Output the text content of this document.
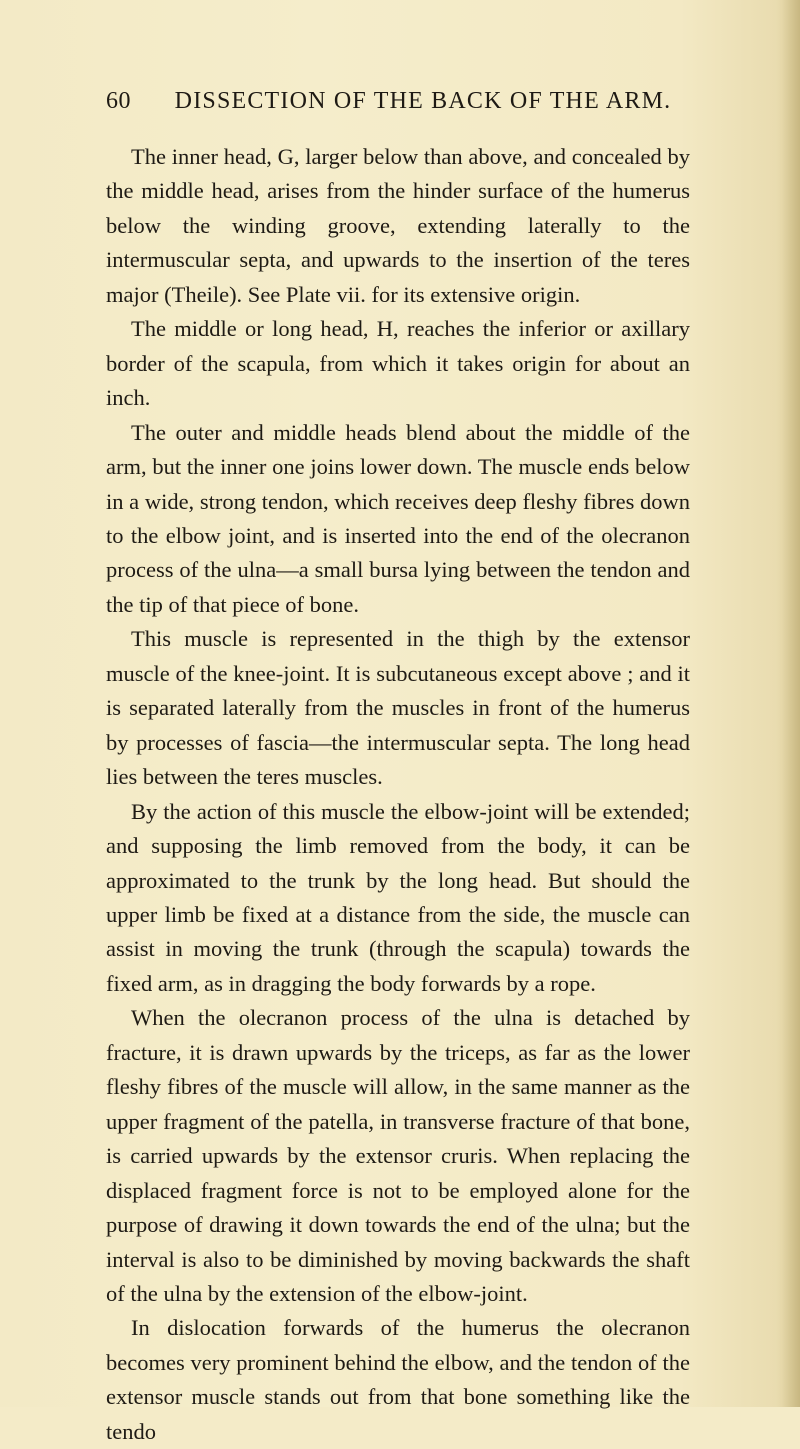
60	DISSECTION OF THE BACK OF THE ARM.

The inner head, G, larger below than above, and concealed by the middle head, arises from the hinder surface of the humerus below the winding groove, extending laterally to the intermuscular septa, and upwards to the insertion of the teres major (Theile). See Plate vii. for its extensive origin.

The middle or long head, H, reaches the inferior or axillary border of the scapula, from which it takes origin for about an inch.

The outer and middle heads blend about the middle of the arm, but the inner one joins lower down. The muscle ends below in a wide, strong tendon, which receives deep fleshy fibres down to the elbow joint, and is inserted into the end of the olecranon process of the ulna—a small bursa lying between the tendon and the tip of that piece of bone.

This muscle is represented in the thigh by the extensor muscle of the knee-joint. It is subcutaneous except above ; and it is separated laterally from the muscles in front of the humerus by processes of fascia—the intermuscular septa. The long head lies between the teres muscles.

By the action of this muscle the elbow-joint will be extended; and supposing the limb removed from the body, it can be approximated to the trunk by the long head. But should the upper limb be fixed at a distance from the side, the muscle can assist in moving the trunk (through the scapula) towards the fixed arm, as in dragging the body forwards by a rope.

When the olecranon process of the ulna is detached by fracture, it is drawn upwards by the triceps, as far as the lower fleshy fibres of the muscle will allow, in the same manner as the upper fragment of the patella, in transverse fracture of that bone, is carried upwards by the extensor cruris. When replacing the displaced fragment force is not to be employed alone for the purpose of drawing it down towards the end of the ulna; but the interval is also to be diminished by moving backwards the shaft of the ulna by the extension of the elbow-joint.

In dislocation forwards of the humerus the olecranon becomes very prominent behind the elbow, and the tendon of the extensor muscle stands out from that bone something like the tendo
